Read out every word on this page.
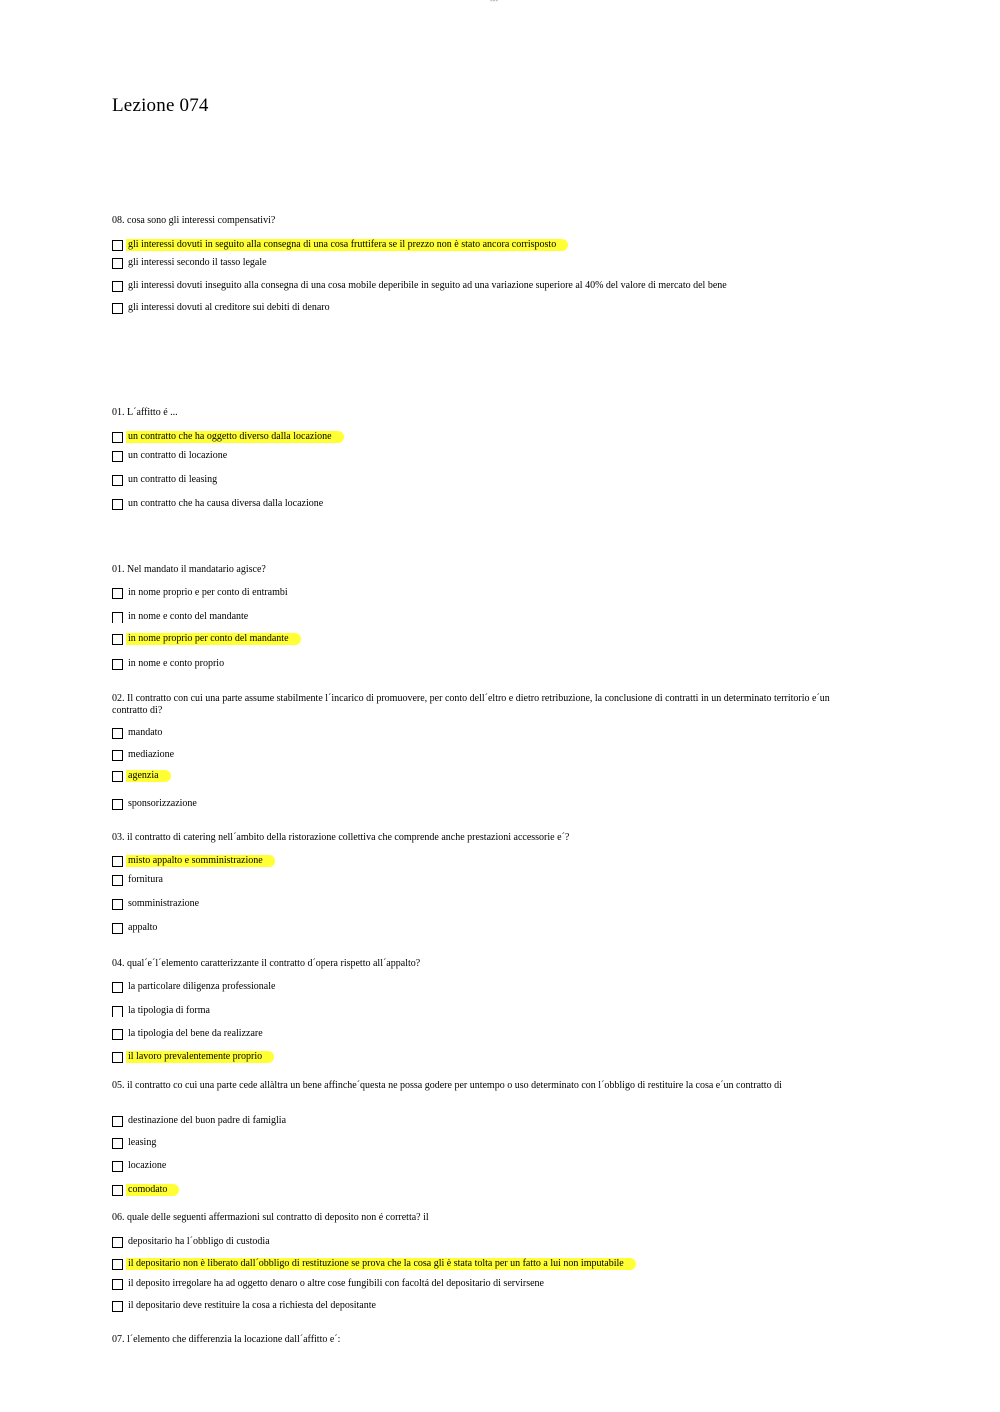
---
Lezione 074
08. cosa sono gli interessi compensativi?
gli interessi dovuti in seguito alla consegna di una cosa fruttifera se il prezzo non è stato ancora corrisposto
gli interessi secondo il tasso legale
gli interessi dovuti inseguito alla consegna di una cosa mobile deperibile in seguito ad una variazione superiore al 40% del valore di mercato del bene
gli interessi dovuti al creditore sui debiti di denaro
01. L´affitto é ...
un contratto che ha oggetto diverso dalla locazione
un contratto di locazione
un contratto di leasing
un contratto che ha causa diversa dalla locazione
01. Nel mandato il mandatario agisce?
in nome proprio e per conto di entrambi
in nome e conto del mandante
in nome proprio per conto del mandante
in nome e conto proprio
02. Il contratto con cui una parte assume stabilmente l´incarico di promuovere, per conto dell´eltro e dietro retribuzione, la conclusione di contratti in un determinato territorio e´un contratto di?
mandato
mediazione
agenzia
sponsorizzazione
03. il contratto di catering nell´ambito della ristorazione collettiva che comprende anche prestazioni accessorie e´?
misto appalto e somministrazione
fornitura
somministrazione
appalto
04. qual´e´l´elemento caratterizzante il contratto d´opera rispetto all´appalto?
la particolare diligenza professionale
la tipologia di forma
la tipologia del bene da realizzare
il lavoro prevalentemente proprio
05. il contratto co cui una parte cede allàltra un bene affinche´questa ne possa godere per untempo o uso determinato con l´obbligo di restituire la cosa e´un contratto di
destinazione del buon padre di famiglia
leasing
locazione
comodato
06. quale delle seguenti affermazioni sul contratto di deposito non é corretta? il
depositario ha l´obbligo di custodia
il depositario non è liberato dall´obbligo di restituzione se prova che la cosa gli è stata tolta per un fatto a lui non imputabile
il deposito irregolare ha ad oggetto denaro o altre cose fungibili con facoltá del depositario di servirsene
il depositario deve restituire la cosa a richiesta del depositante
07. l´elemento che differenzia la locazione dall´affitto e´:
